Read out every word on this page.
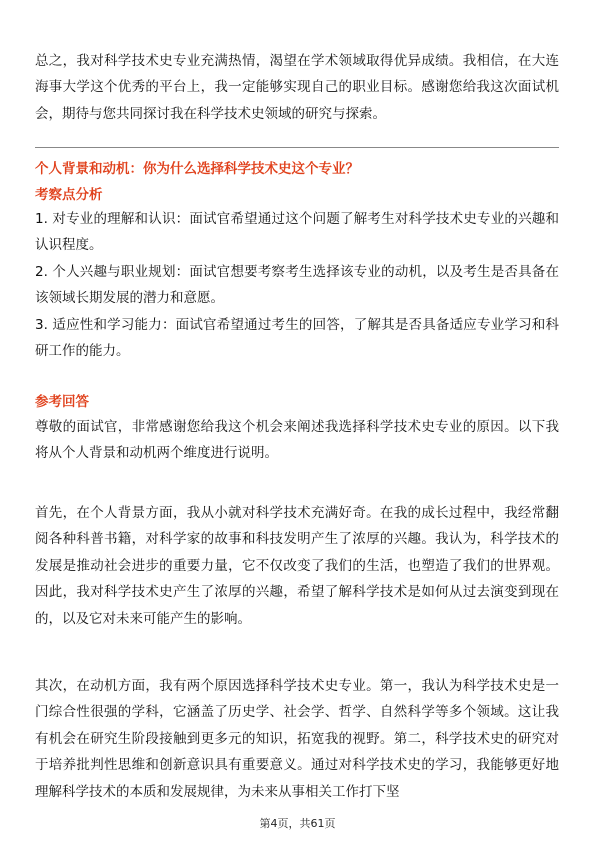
总之，我对科学技术史专业充满热情，渴望在学术领域取得优异成绩。我相信，在大连海事大学这个优秀的平台上，我一定能够实现自己的职业目标。感谢您给我这次面试机会，期待与您共同探讨我在科学技术史领域的研究与探索。

个人背景和动机：你为什么选择科学技术史这个专业？

考察点分析

1. 对专业的理解和认识：面试官希望通过这个问题了解考生对科学技术史专业的兴趣和认识程度。

2. 个人兴趣与职业规划：面试官想要考察考生选择该专业的动机，以及考生是否具备在该领域长期发展的潜力和意愿。

3. 适应性和学习能力：面试官希望通过考生的回答，了解其是否具备适应专业学习和科研工作的能力。

参考回答

尊敬的面试官，非常感谢您给我这个机会来阐述我选择科学技术史专业的原因。以下我将从个人背景和动机两个维度进行说明。

首先，在个人背景方面，我从小就对科学技术充满好奇。在我的成长过程中，我经常翻阅各种科普书籍，对科学家的故事和科技发明产生了浓厚的兴趣。我认为，科学技术的发展是推动社会进步的重要力量，它不仅改变了我们的生活，也塑造了我们的世界观。因此，我对科学技术史产生了浓厚的兴趣，希望了解科学技术是如何从过去演变到现在的，以及它对未来可能产生的影响。

其次，在动机方面，我有两个原因选择科学技术史专业。第一，我认为科学技术史是一门综合性很强的学科，它涵盖了历史学、社会学、哲学、自然科学等多个领域。这让我有机会在研究生阶段接触到更多元的知识，拓宽我的视野。第二，科学技术史的研究对于培养批判性思维和创新意识具有重要意义。通过对科学技术史的学习，我能够更好地理解科学技术的本质和发展规律，为未来从事相关工作打下坚

第4页，共61页
